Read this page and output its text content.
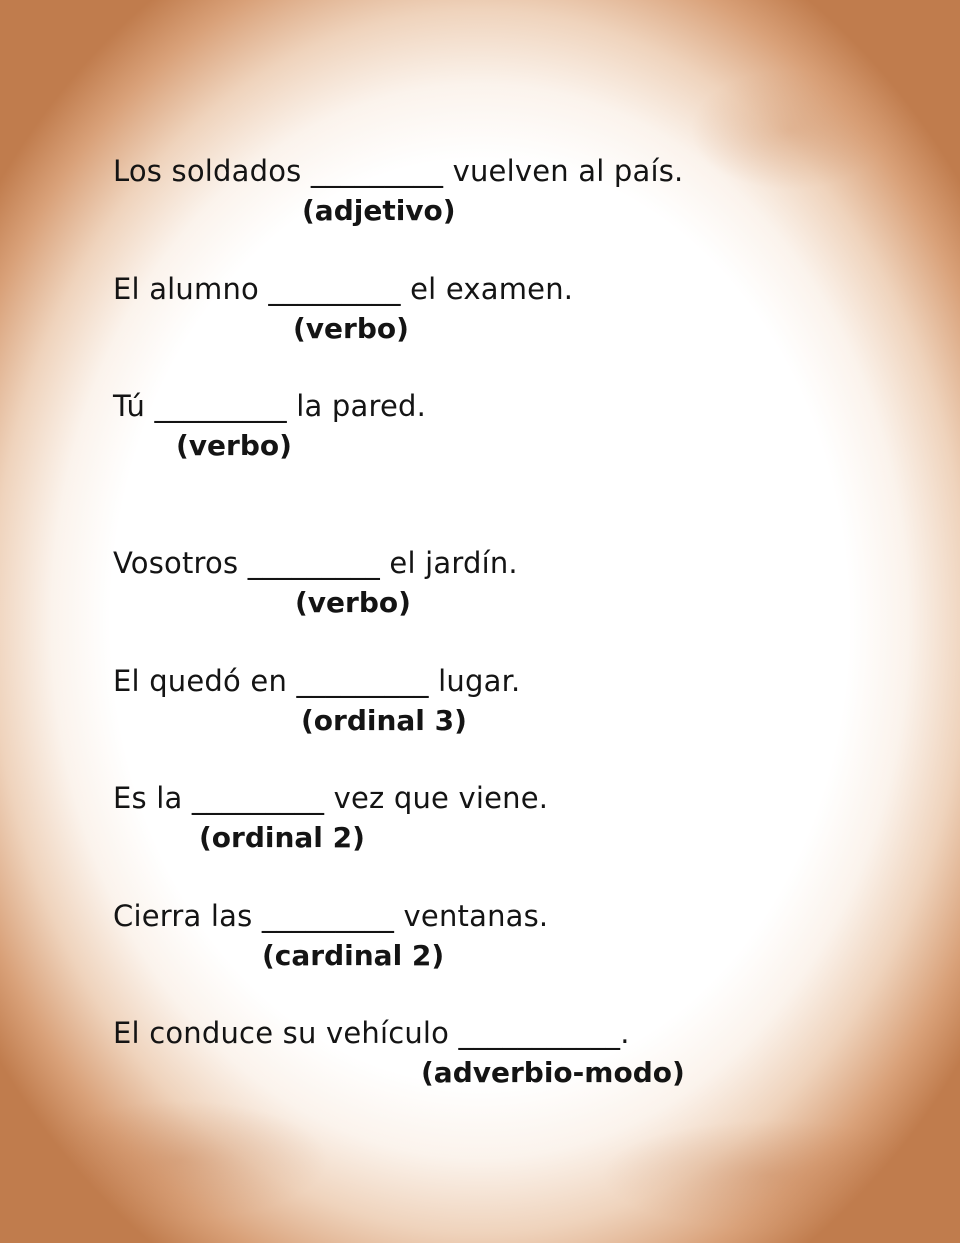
Los soldados _________ vuelven al país.
(adjetivo)
El alumno _________ el examen.
(verbo)
Tú _________ la pared.
(verbo)
Vosotros _________ el jardín.
(verbo)
El quedó en _________ lugar.
(ordinal 3)
Es la _________ vez que viene.
(ordinal 2)
Cierra las _________ ventanas.
(cardinal 2)
El conduce su vehículo ___________.
(adverbio-modo)
